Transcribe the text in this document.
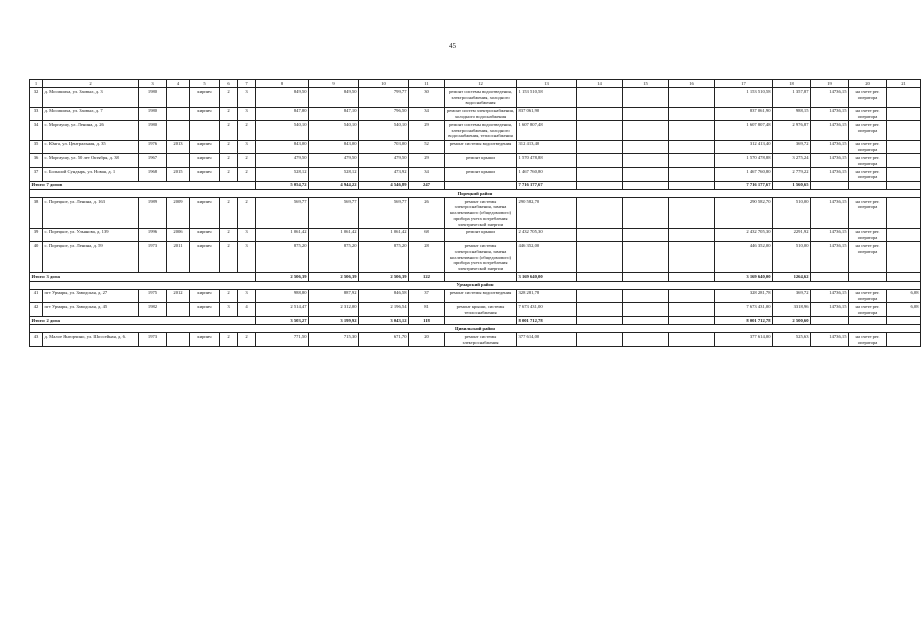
45
1	2	3	4	5	6	7	8	9	10	11	12	13	14	15	16	17	18	19	20	21
32	д. Мосишиха, ул. Заовыл, д. 3	1980		кирпич	2	3	849,50	849,50	799,77	30	ремонт системы водоотведения, электроснабжения, холодного водоснабжения	1 153 510,58				1 153 510,58	1 357,87	14736,15	на счете рег. оператора	
33	д. Мосишиха, ул. Заовыл, д. 7	1980		кирпич	2	3	847,80	847,10	796,50	34	ремонт систем электроснабжения, холодного водоснабжения	837 061,90				837 061,90	988,15	14736,15	на счете рег. оператора	
34	с. Моргаушу, ул. Ленина, д. 26	1980			2	2	540,10	540,10	540,10	29	ремонт системы водоотведения, электроснабжения, холодного водоснабжения, теплоснабжения	1 607 807,48				1 607 807,48	2 976,87	14736,15	на счете рег. оператора	
35	с. Юнга, ул. Центральная, д. 35	1976	2013	кирпич	2	3	843,00	843,00	703,00	52	ремонт системы водоотведения	312 413,40				312 413,40	369,72	14736,15	на счете рег. оператора	
36	с. Моргаушу, ул. 50 лет Октября, д. 38	1967		кирпич	2	2	479,50	479,50	479,50	29	ремонт крыши	1 570 478,88				1 570 478,88	3 275,24	14736,15	на счете рег. оператора	
37	с. Большой Сундырь, ул. Новая, д. 1	1968	2015	кирпич	2	2	528,12	528,12	473,92	34	ремонт крыши	1 467 760,80				1 467 760,80	2 779,22	14736,15	на счете рег. оператора	
Итого: 7 домов							5 054,72	4 944,22	4 546,89	247		7 716 177,67				7 716 177,67	1 560,65			
Порецкий район																				
38	с. Порецкое, ул. Ленина, д. 163	1989	2009	кирпич	2	2	569,77	569,77	569,77	26	ремонт системы электроснабжения, замена коллективного (общедомового) прибора учета потребления электрической энергии	290 582,70				290 582,70	510,00	14736,15	на счете рег. оператора	
39	с. Порецкое, ул. Ульянова, д. 139	1996	2006	кирпич	2	3	1 061,42	1 061,42	1 061,42	68	ремонт крыши	2 432 705,30				2 432 705,30	2291,92	14736,15	на счете рег. оператора	
40	с. Порецкое, ул. Ленина, д. 59	1973	2011	кирпич	2	3	875,20	875,20	875,20	28	ремонт системы электроснабжения, замена коллективного (общедомового) прибора учета потребления электрической энергии	446 352,00				446 352,00	510,00	14736,15	на счете рег. оператора	
Итого: 3 дома							2 506,39	2 506,39	2 506,39	122		3 169 640,00				3 169 640,00	1264,62			
Урмарский район																				
41	пгт Урмары, ул. Заводская, д. 27	1975	2012	кирпич	2	3	988,80	887,92	846,58	37	ремонт системы водоотведения	328 281,78				328 281,78	369,72	14736,15	на счете рег. оператора	6,08
42	пгт Урмары, ул. Заводская, д. 45	1982		кирпич	3	4	2 514,47	2 312,00	2 196,54	81	ремонт крыши, системы теплоснабжения	7 673 431,00				7 673 431,00	3318,96	14736,15	на счете рег. оператора	6,08
Итого: 2 дома							3 503,27	3 199,92	3 043,12	118		8 001 712,78				8 001 712,78	2 500,60			
Цивильский район																				
43	д. Малое Янгорчино, ул. Шоссейная, д. 6.	1973		кирпич	2	2	771,50	715,30	671,70	20	ремонт системы электроснабжения	377 614,00				377 614,00	525,63	14736,15	на счете рег. оператора	
